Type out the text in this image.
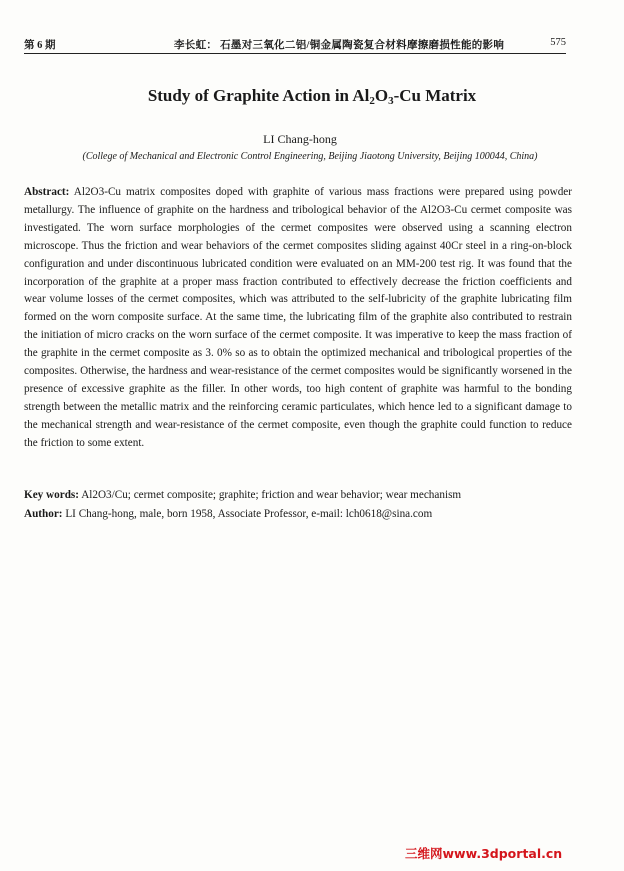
第 6 期	李长虹： 石墨对三氧化二铝/铜金属陶瓷复合材料摩擦磨损性能的影响	575
Study of Graphite Action in $Al_2O_3-Cu$ Matrix
LI Chang-hong
(College of Mechanical and Electronic Control Engineering, Beijing Jiaotong University, Beijing 100044, China)
Abstract: Al2O3-Cu matrix composites doped with graphite of various mass fractions were prepared using powder metallurgy. The influence of graphite on the hardness and tribological behavior of the Al2O3-Cu cermet composite was investigated. The worn surface morphologies of the cermet composites were observed using a scanning electron microscope. Thus the friction and wear behaviors of the cermet composites sliding against 40Cr steel in a ring-on-block configuration and under discontinuous lubricated condition were evaluated on an MM-200 test rig. It was found that the incorporation of the graphite at a proper mass fraction contributed to effectively decrease the friction coefficients and wear volume losses of the cermet composites, which was attributed to the self-lubricity of the graphite lubricating film formed on the worn composite surface. At the same time, the lubricating film of the graphite also contributed to restrain the initiation of micro cracks on the worn surface of the cermet composite. It was imperative to keep the mass fraction of the graphite in the cermet composite as 3. 0% so as to obtain the optimized mechanical and tribological properties of the composites. Otherwise, the hardness and wear-resistance of the cermet composites would be significantly worsened in the presence of excessive graphite as the filler. In other words, too high content of graphite was harmful to the bonding strength between the metallic matrix and the reinforcing ceramic particulates, which hence led to a significant damage to the mechanical strength and wear-resistance of the cermet composite, even though the graphite could function to reduce the friction to some extent.
Key words: Al2O3/Cu; cermet composite; graphite; friction and wear behavior; wear mechanism
Author: LI Chang-hong, male, born 1958, Associate Professor, e-mail: lch0618@sina.com
三维网www.3dportal.cn
